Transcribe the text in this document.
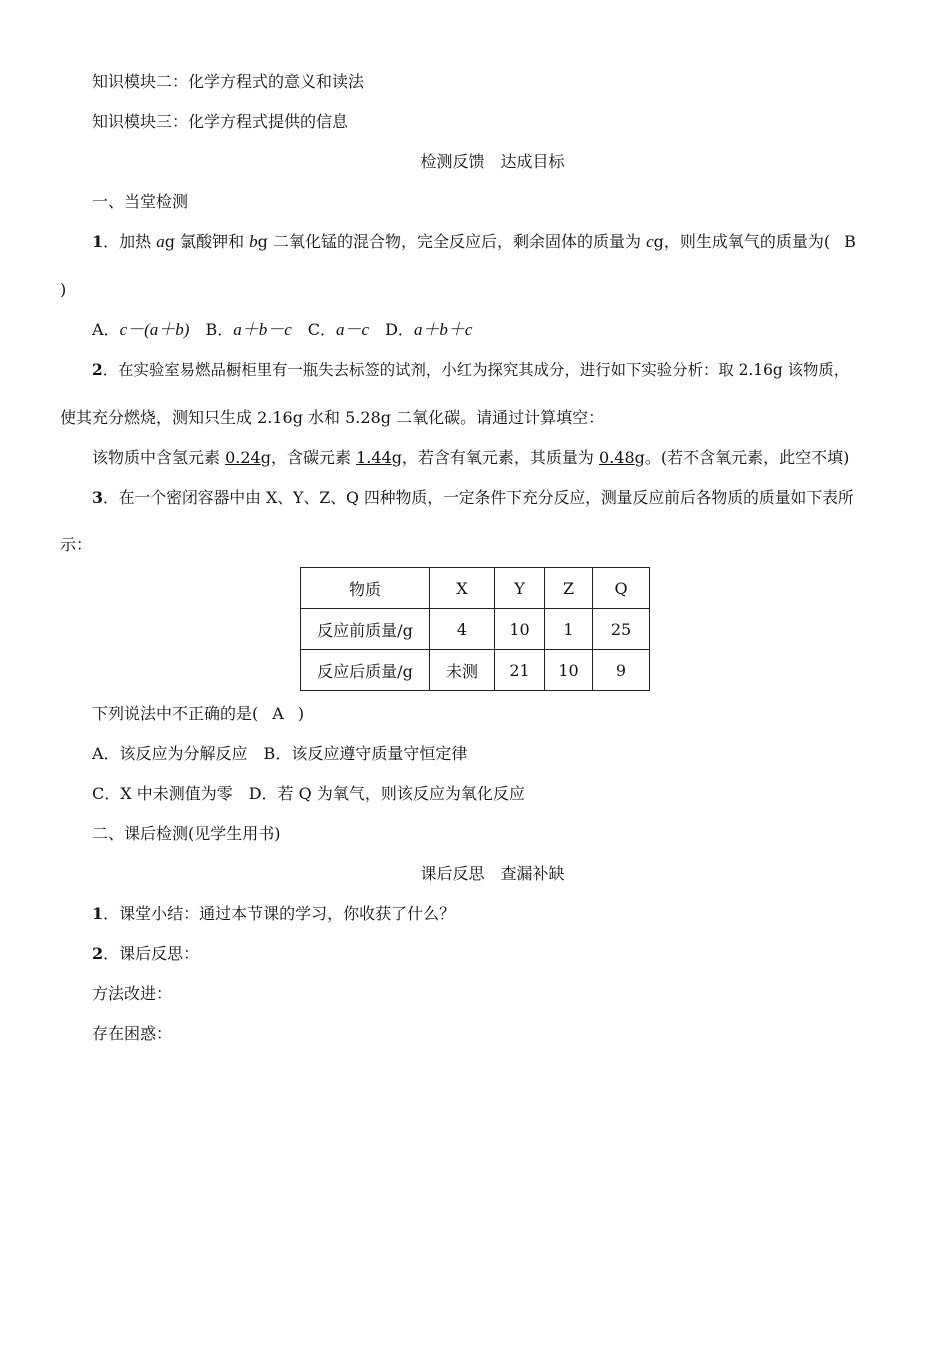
知识模块二：化学方程式的意义和读法
知识模块三：化学方程式提供的信息
检测反馈　 达成目标
一、当堂检测
1．加热 ag 氯酸钾和 bg 二氧化锰的混合物，完全反应后，剩余固体的质量为 cg，则生成氧气的质量为( B
)
A．c－(a＋b)　 B．a＋b－c　 C．a－c　 D．a＋b＋c
2．在实验室易燃品橱柜里有一瓶失去标签的试剂，小红为探究其成分，进行如下实验分析：取 2.16g 该物质，
使其充分燃烧，测知只生成 2.16g 水和 5.28g 二氧化碳。请通过计算填空：
该物质中含氢元素 0.24g，含碳元素 1.44g，若含有氧元素，其质量为 0.48g。(若不含氧元素，此空不填)
3．在一个密闭容器中由 X、Y、Z、Q 四种物质，一定条件下充分反应，测量反应前后各物质的质量如下表所
示：
物质	X	Y	Z	Q
反应前质量/g	4	10	1	25
反应后质量/g	未测	21	10	9
下列说法中不正确的是( A )
A．该反应为分解反应　B．该反应遵守质量守恒定律
C．X 中未测值为零　D．若 Q 为氧气，则该反应为氧化反应
二、课后检测(见学生用书)
课后反思　 查漏补缺
1．课堂小结：通过本节课的学习，你收获了什么？
2．课后反思：
方法改进：
存在困惑：
